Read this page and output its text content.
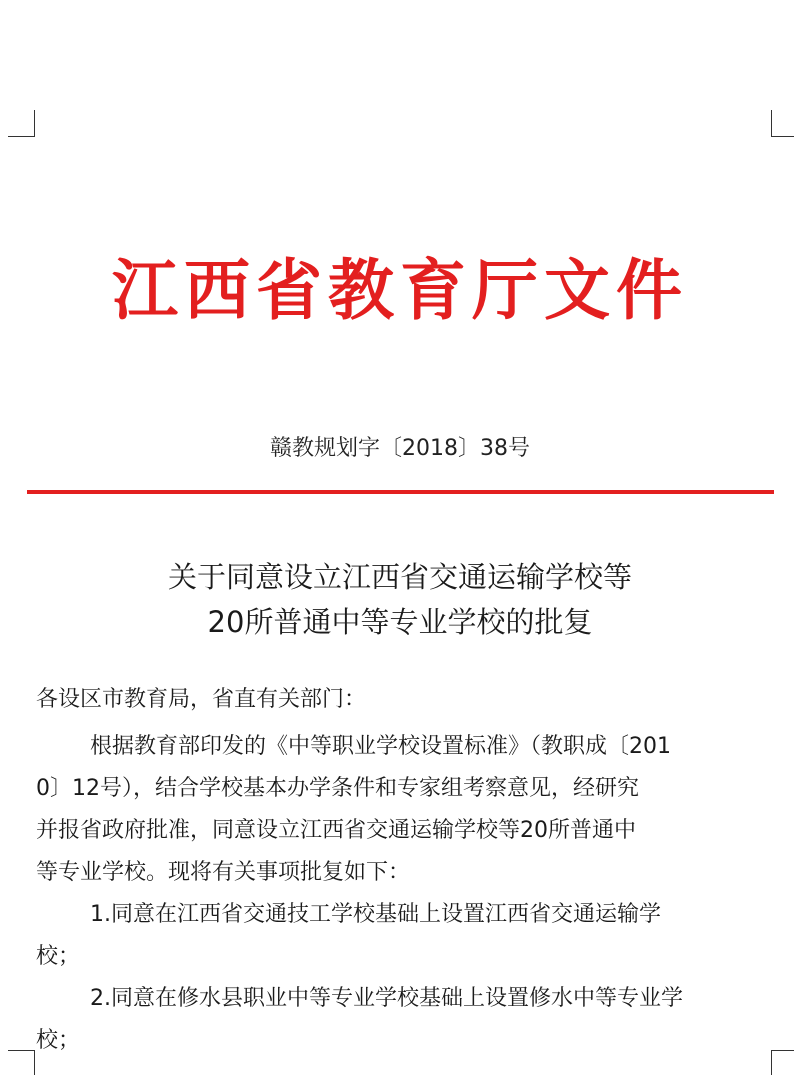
江西省教育厅文件
赣教规划字〔2018〕38号
关于同意设立江西省交通运输学校等
20所普通中等专业学校的批复
各设区市教育局，省直有关部门：
根据教育部印发的《中等职业学校设置标准》（教职成〔201
0〕12号），结合学校基本办学条件和专家组考察意见，经研究
并报省政府批准，同意设立江西省交通运输学校等20所普通中
等专业学校。现将有关事项批复如下：
1.同意在江西省交通技工学校基础上设置江西省交通运输学
校；
2.同意在修水县职业中等专业学校基础上设置修水中等专业学
校；
